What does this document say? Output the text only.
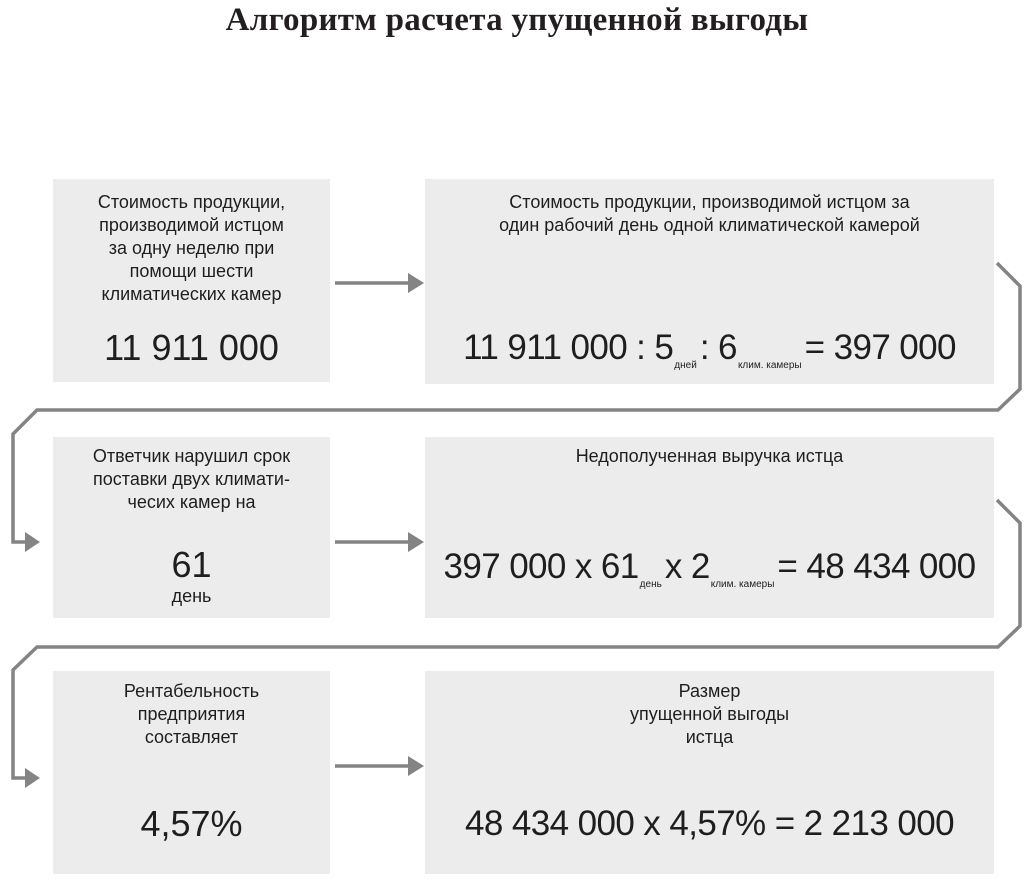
Алгоритм расчета упущенной выгоды
Стоимость продукции,
производимой истцом
за одну неделю при
помощи шести
климатических камер
11 911 000
Стоимость продукции, производимой истцом за
один рабочий день одной климатической камерой
11 911 000 : $5_{дней}$: $6_{клим. камеры}= 397$ 000
Ответчик нарушил срок
поставки двух климати-
чесих камер на
61
день
Недополученная выручка истца
397 000 x $61_{день}x$ $2_{клим. камеры}= 48$ 434 000
Рентабельность
предприятия
составляет
4,57%
Размер
упущенной выгоды
истца
48 434 000 x 4,57% = 2 213 000
